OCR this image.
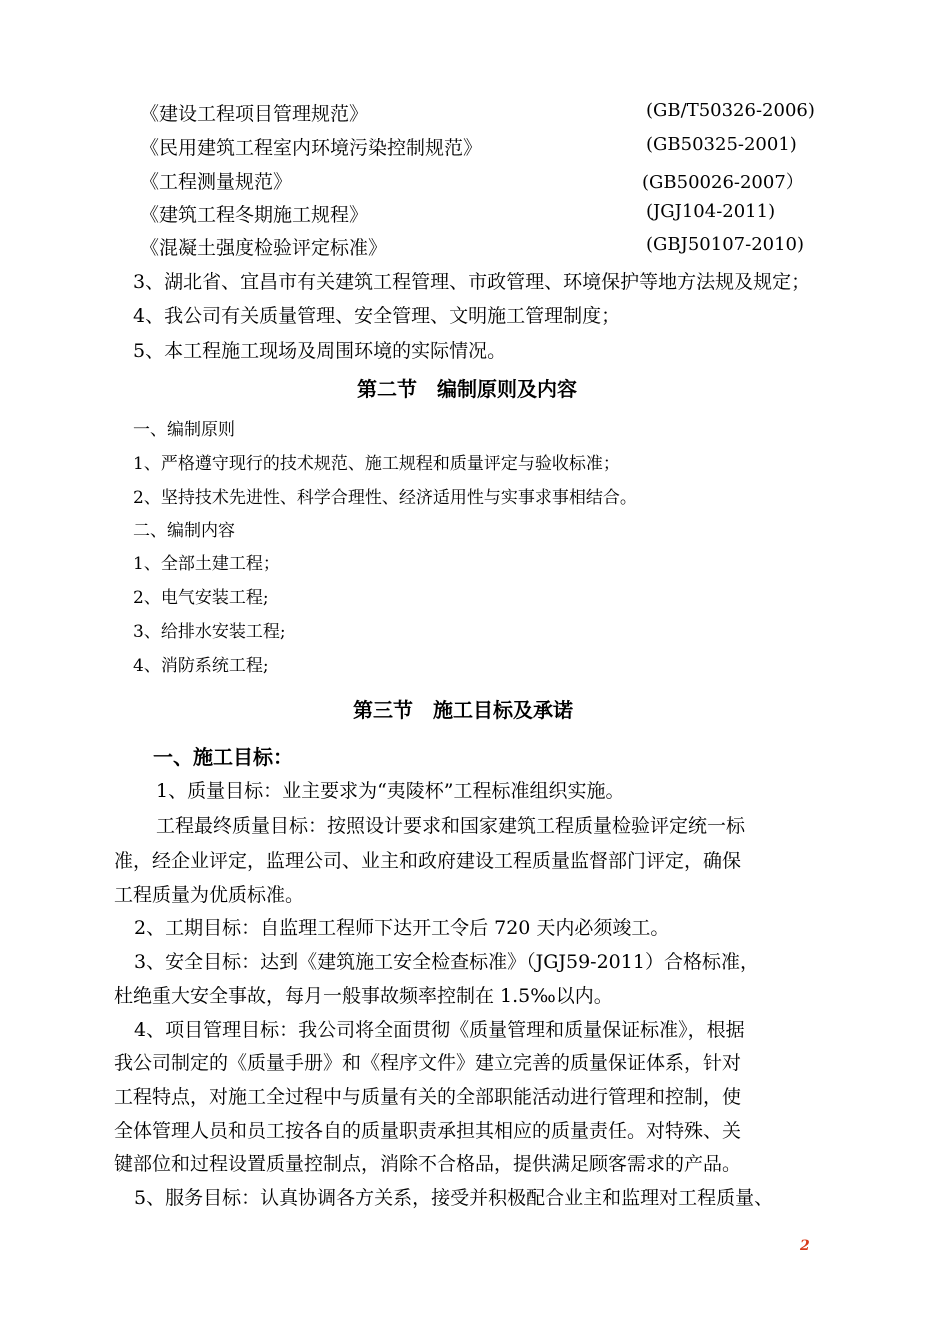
《建设工程项目管理规范》	(GB/T50326-2006)
《民用建筑工程室内环境污染控制规范》	(GB50325-2001)
《工程测量规范》	(GB50026-2007）
《建筑工程冬期施工规程》	(JGJ104-2011)
《混凝土强度检验评定标准》	(GBJ50107-2010)
3、湖北省、宜昌市有关建筑工程管理、市政管理、环境保护等地方法规及规定；
4、我公司有关质量管理、安全管理、文明施工管理制度；
5、本工程施工现场及周围环境的实际情况。
第二节　编制原则及内容
一、编制原则
1、严格遵守现行的技术规范、施工规程和质量评定与验收标准；
2、坚持技术先进性、科学合理性、经济适用性与实事求事相结合。
二、编制内容
1、全部土建工程；
2、电气安装工程;
3、给排水安装工程;
4、消防系统工程;
第三节　施工目标及承诺
一、施工目标：
1、质量目标：业主要求为“夷陵杯”工程标准组织实施。
工程最终质量目标：按照设计要求和国家建筑工程质量检验评定统一标
准，经企业评定，监理公司、业主和政府建设工程质量监督部门评定，确保
工程质量为优质标准。
2、工期目标：自监理工程师下达开工令后 720 天内必须竣工。
3、安全目标：达到《建筑施工安全检查标准》（JGJ59-2011）合格标准，
杜绝重大安全事故，每月一般事故频率控制在 1.5‰以内。
4、项目管理目标：我公司将全面贯彻《质量管理和质量保证标准》，根据
我公司制定的《质量手册》和《程序文件》建立完善的质量保证体系，针对
工程特点，对施工全过程中与质量有关的全部职能活动进行管理和控制，使
全体管理人员和员工按各自的质量职责承担其相应的质量责任。对特殊、关
键部位和过程设置质量控制点，消除不合格品，提供满足顾客需求的产品。
5、服务目标：认真协调各方关系，接受并积极配合业主和监理对工程质量、
2
